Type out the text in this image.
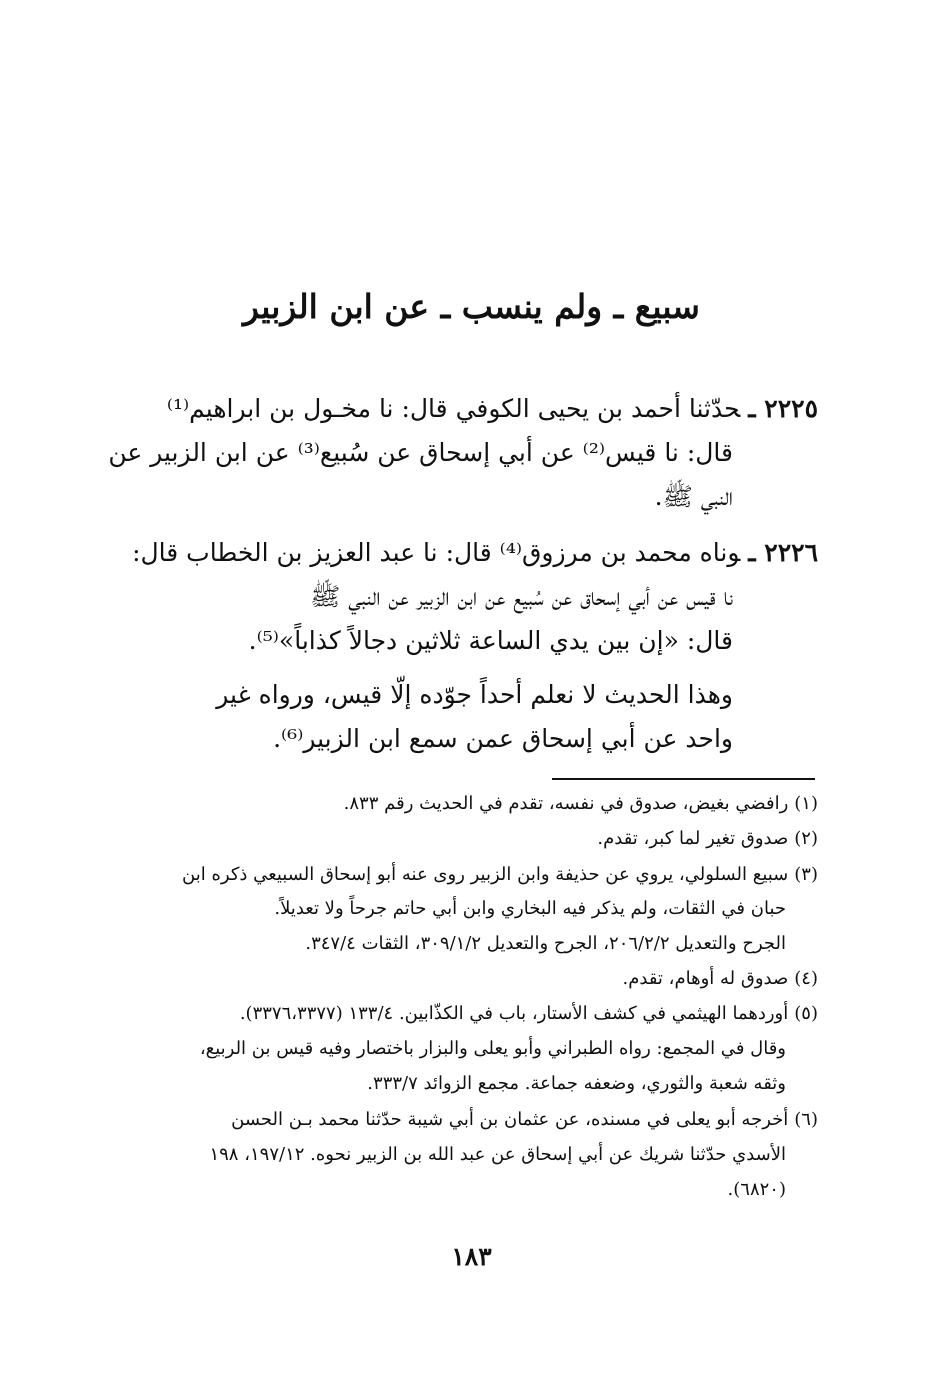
سبيع ـ ولم ينسب ـ عن ابن الزبير
٢٢٢٥ ـحدّثنا أحمد بن يحيى الكوفي قال: نا مخـول بن ابراهيم⁽¹⁾
قال: نا قيس⁽²⁾ عن أبي إسحاق عن سُبيع⁽³⁾ عن ابن الزبير عن
النبي ﷺ.
٢٢٢٦ ـوناه محمد بن مرزوق⁽⁴⁾ قال: نا عبد العزيز بن الخطاب قال:
نا قيس عن أبي إسحاق عن سُبيع عن ابن الزبير عن النبي ﷺ
قال: «إن بين يدي الساعة ثلاثين دجالاً كذاباً»⁽⁵⁾.
وهذا الحديث لا نعلم أحداً جوّده إلّا قيس، ورواه غير
واحد عن أبي إسحاق عمن سمع ابن الزبير⁽⁶⁾.
(١)رافضي بغيض، صدوق في نفسه، تقدم في الحديث رقم ٨٣٣.
(٢)صدوق تغير لما كبر، تقدم.
(٣)سبيع السلولي، يروي عن حذيفة وابن الزبير روى عنه أبو إسحاق السبيعي ذكره ابن
حبان في الثقات، ولم يذكر فيه البخاري وابن أبي حاتم جرحاً ولا تعديلاً.
الجرح والتعديل ٢٠٦/٢/٢، الجرح والتعديل ٣٠٩/١/٢، الثقات ٣٤٧/٤.
(٤)صدوق له أوهام، تقدم.
(٥)أوردهما الهيثمي في كشف الأستار، باب في الكذّابين. ١٣٣/٤ (٣٣٧٦،٣٣٧٧).
وقال في المجمع: رواه الطبراني وأبو يعلى والبزار باختصار وفيه قيس بن الربيع،
وثقه شعبة والثوري، وضعفه جماعة. مجمع الزوائد ٣٣٣/٧.
(٦)أخرجه أبو يعلى في مسنده، عن عثمان بن أبي شيبة حدّثنا محمد بـن الحسن
الأسدي حدّثنا شريك عن أبي إسحاق عن عبد الله بن الزبير نحوه. ١٩٧/١٢، ١٩٨
(٦٨٢٠).
١٨٣
